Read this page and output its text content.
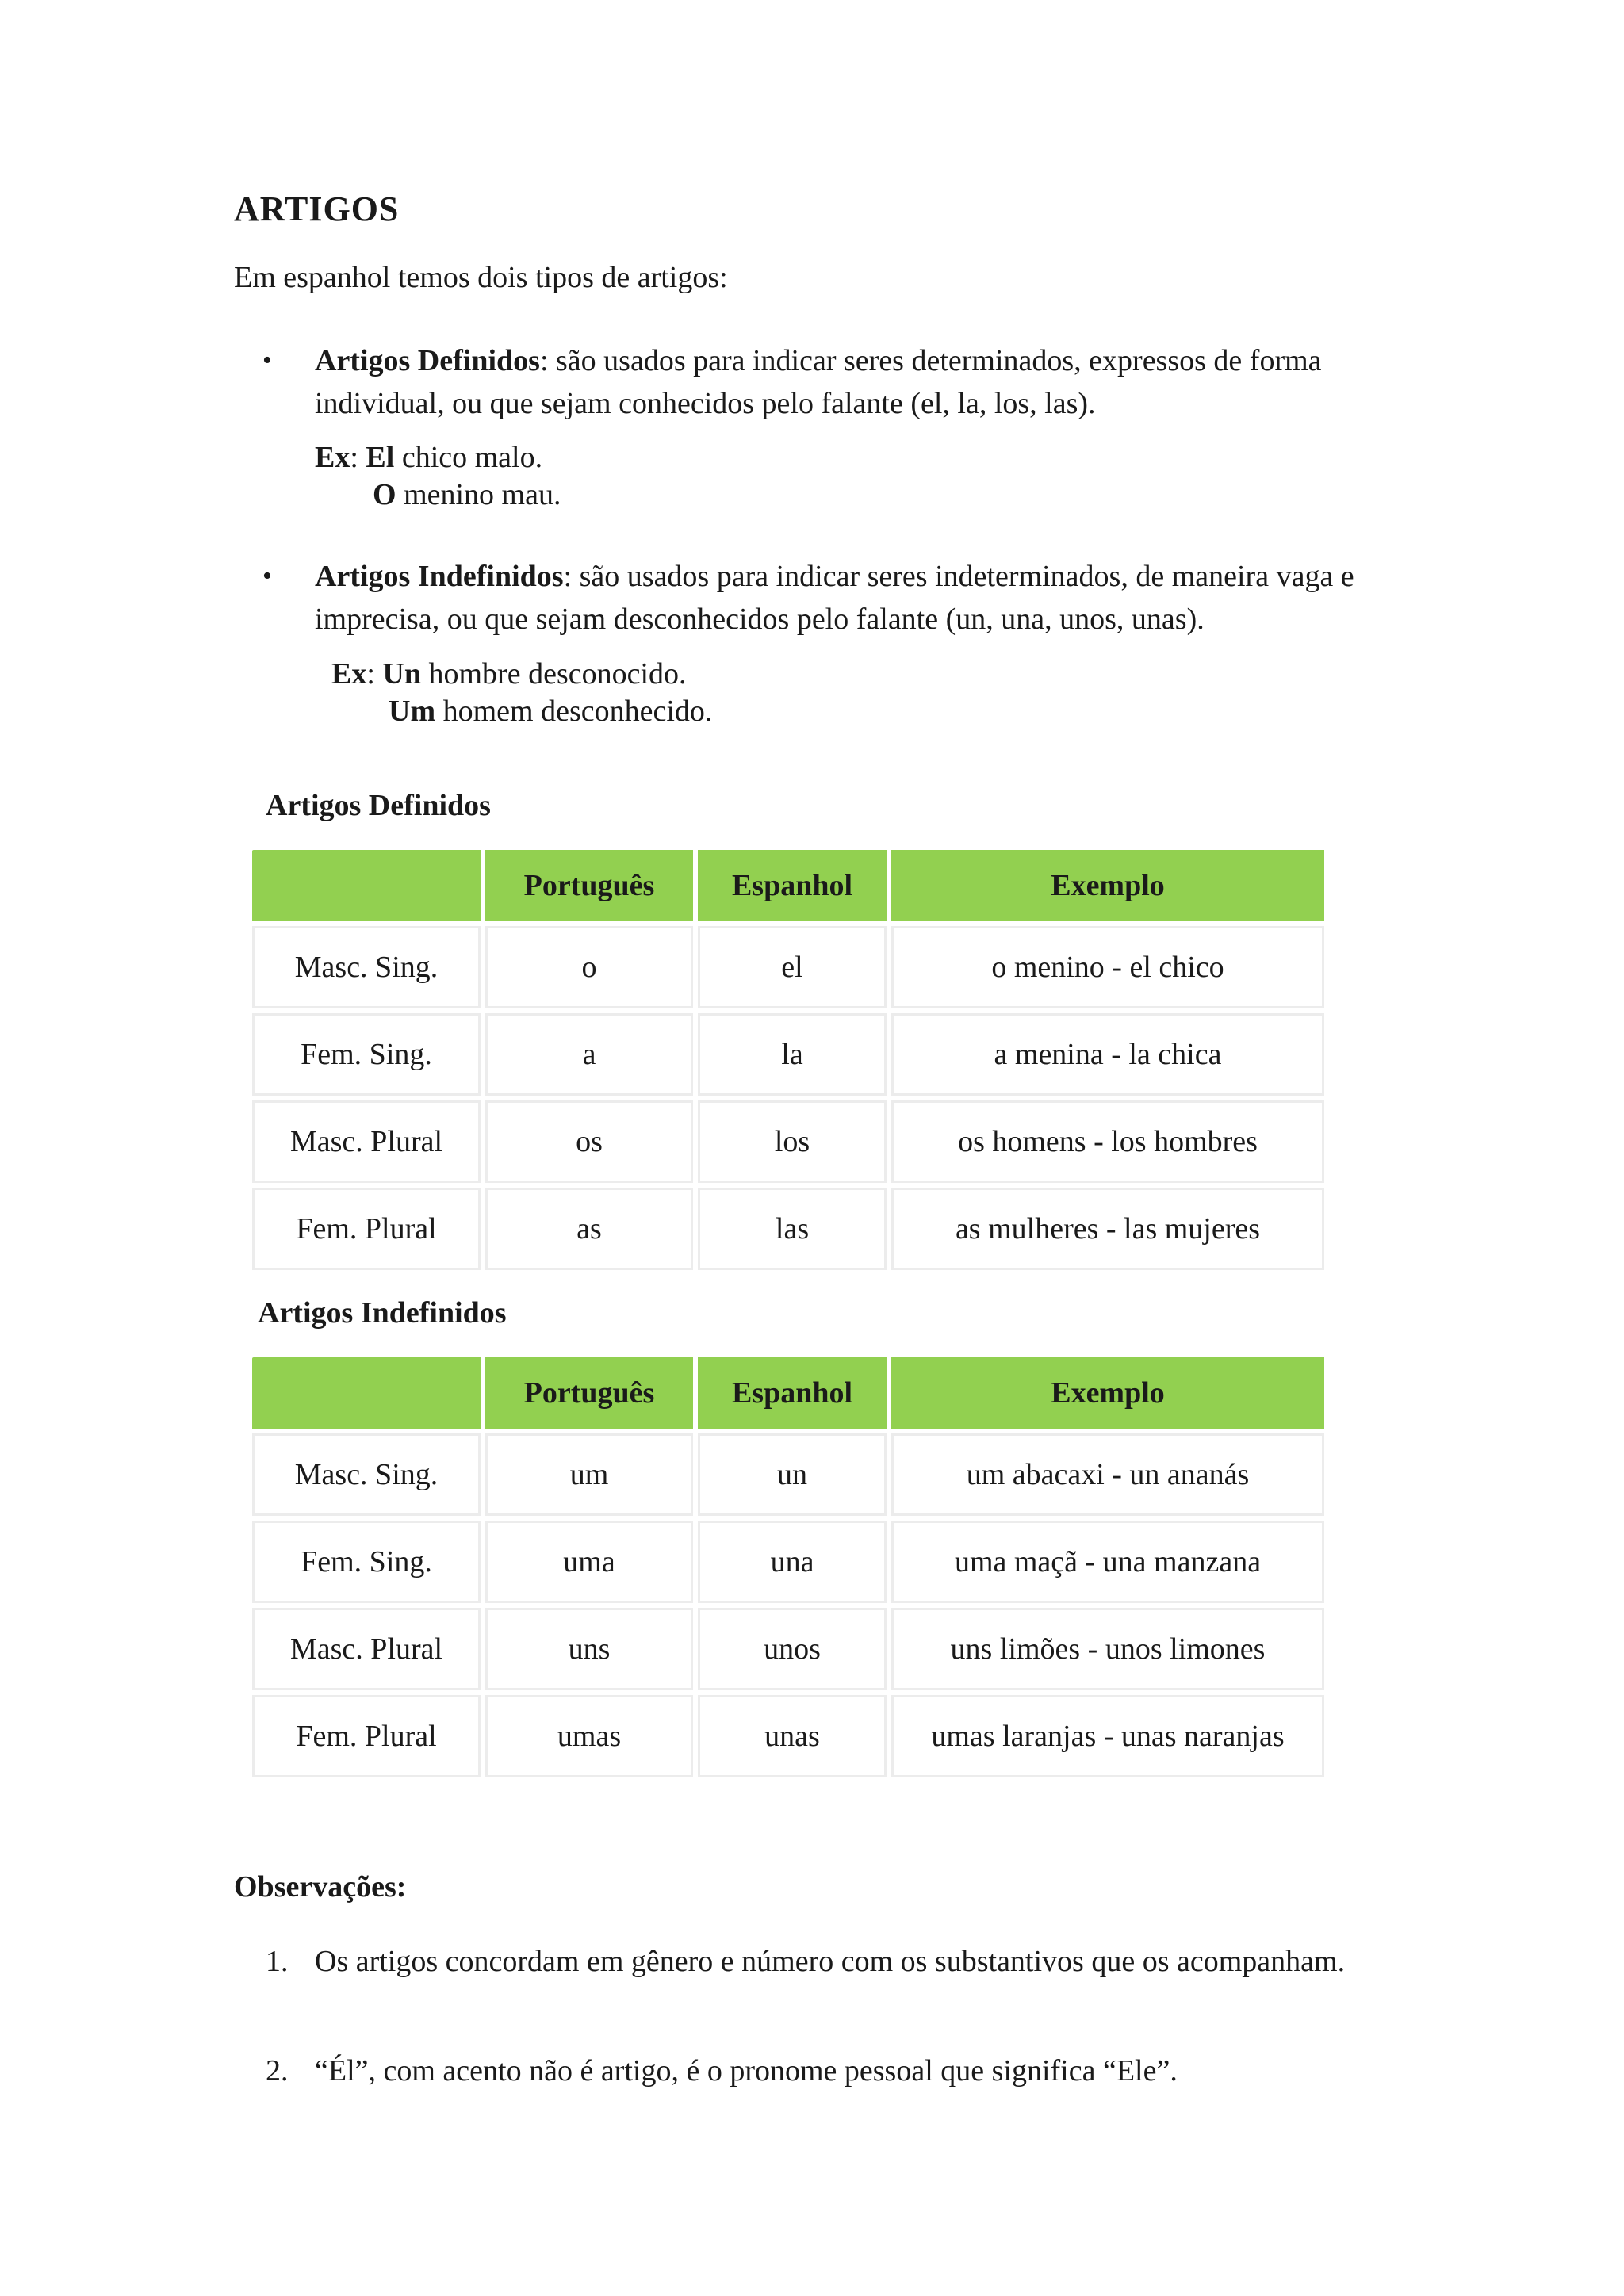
ARTIGOS
Em espanhol temos dois tipos de artigos:
• Artigos Definidos: são usados para indicar seres determinados, expressos de forma individual, ou que sejam conhecidos pelo falante (el, la, los, las).
Ex: El chico malo.
O menino mau.
• Artigos Indefinidos: são usados para indicar seres indeterminados, de maneira vaga e imprecisa, ou que sejam desconhecidos pelo falante (un, una, unos, unas).
Ex: Un hombre desconocido.
Um homem desconhecido.
Artigos Definidos
	Português	Espanhol	Exemplo
Masc. Sing.	o	el	o menino - el chico
Fem. Sing.	a	la	a menina - la chica
Masc. Plural	os	los	os homens - los hombres
Fem. Plural	as	las	as mulheres - las mujeres
Artigos Indefinidos
	Português	Espanhol	Exemplo
Masc. Sing.	um	un	um abacaxi - un ananás
Fem. Sing.	uma	una	uma maçã - una manzana
Masc. Plural	uns	unos	uns limões - unos limones
Fem. Plural	umas	unas	umas laranjas - unas naranjas
Observações:
1. Os artigos concordam em gênero e número com os substantivos que os acompanham.
2. “Él”, com acento não é artigo, é o pronome pessoal que significa “Ele”.
